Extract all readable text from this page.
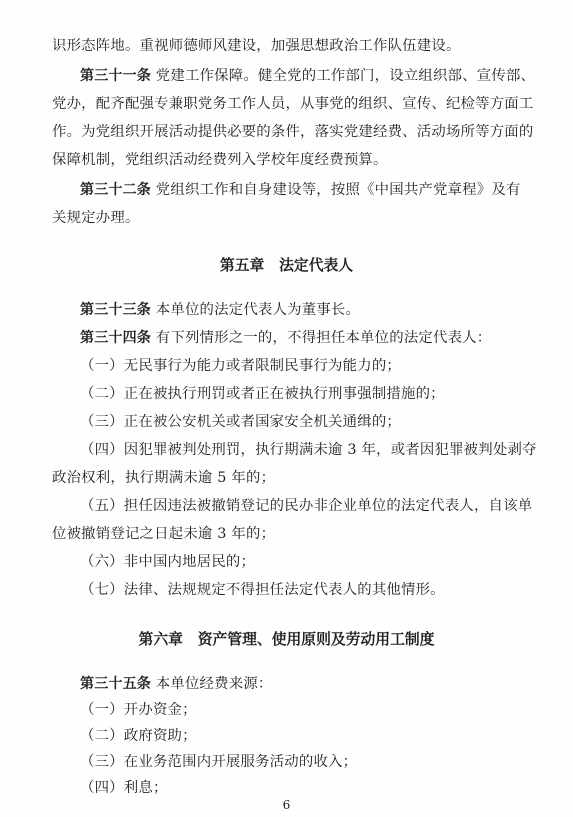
识形态阵地。重视师德师风建设，加强思想政治工作队伍建设。
第三十一条 党建工作保障。健全党的工作部门，设立组织部、宣传部、
党办，配齐配强专兼职党务工作人员，从事党的组织、宣传、纪检等方面工
作。为党组织开展活动提供必要的条件，落实党建经费、活动场所等方面的
保障机制，党组织活动经费列入学校年度经费预算。
第三十二条 党组织工作和自身建设等，按照《中国共产党章程》及有
关规定办理。
第五章　法定代表人
第三十三条 本单位的法定代表人为董事长。
第三十四条 有下列情形之一的，不得担任本单位的法定代表人：
（一）无民事行为能力或者限制民事行为能力的；
（二）正在被执行刑罚或者正在被执行刑事强制措施的；
（三）正在被公安机关或者国家安全机关通缉的；
（四）因犯罪被判处刑罚，执行期满未逾 3 年，或者因犯罪被判处剥夺
政治权利，执行期满未逾 5 年的；
（五）担任因违法被撤销登记的民办非企业单位的法定代表人，自该单
位被撤销登记之日起未逾 3 年的；
（六）非中国内地居民的；
（七）法律、法规规定不得担任法定代表人的其他情形。
第六章　资产管理、使用原则及劳动用工制度
第三十五条 本单位经费来源：
（一）开办资金；
（二）政府资助；
（三）在业务范围内开展服务活动的收入；
（四）利息；
6
